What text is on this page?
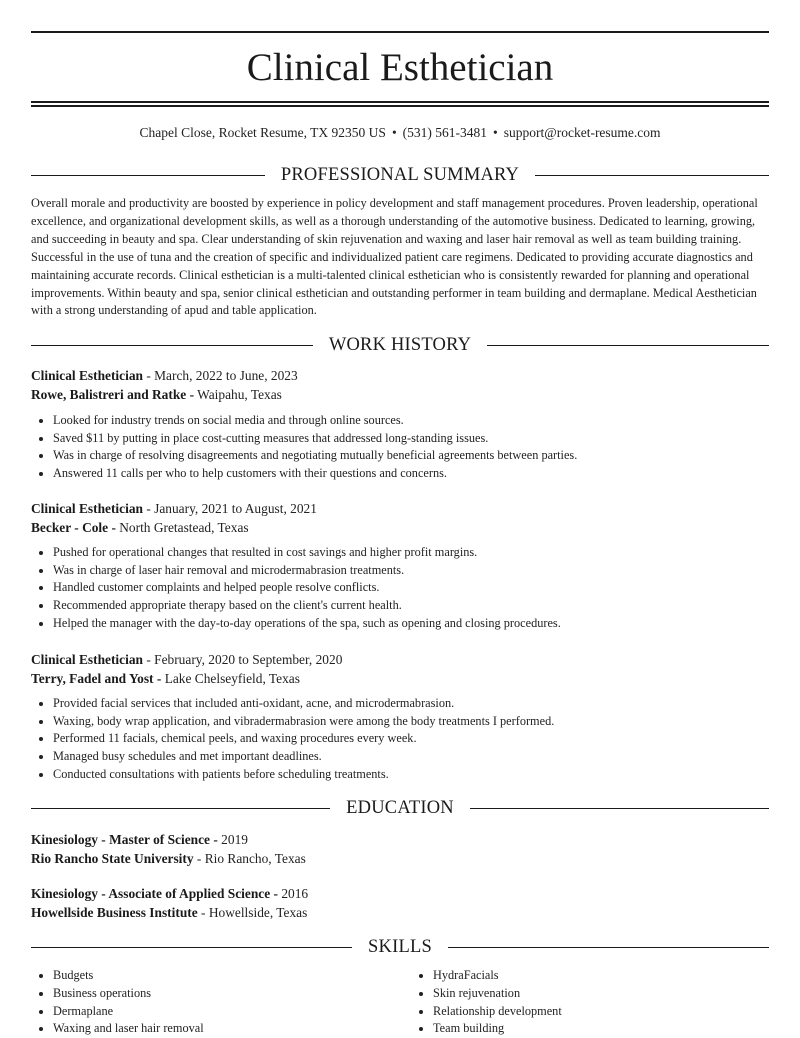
Clinical Esthetician
Chapel Close, Rocket Resume, TX 92350 US • (531) 561-3481 • support@rocket-resume.com
PROFESSIONAL SUMMARY
Overall morale and productivity are boosted by experience in policy development and staff management procedures. Proven leadership, operational excellence, and organizational development skills, as well as a thorough understanding of the automotive business. Dedicated to learning, growing, and succeeding in beauty and spa. Clear understanding of skin rejuvenation and waxing and laser hair removal as well as team building training. Successful in the use of tuna and the creation of specific and individualized patient care regimens. Dedicated to providing accurate diagnostics and maintaining accurate records. Clinical esthetician is a multi-talented clinical esthetician who is consistently rewarded for planning and operational improvements. Within beauty and spa, senior clinical esthetician and outstanding performer in team building and dermaplane. Medical Aesthetician with a strong understanding of apud and table application.
WORK HISTORY
Clinical Esthetician - March, 2022 to June, 2023
Rowe, Balistreri and Ratke - Waipahu, Texas
• Looked for industry trends on social media and through online sources.
• Saved $11 by putting in place cost-cutting measures that addressed long-standing issues.
• Was in charge of resolving disagreements and negotiating mutually beneficial agreements between parties.
• Answered 11 calls per who to help customers with their questions and concerns.
Clinical Esthetician - January, 2021 to August, 2021
Becker - Cole - North Gretastead, Texas
• Pushed for operational changes that resulted in cost savings and higher profit margins.
• Was in charge of laser hair removal and microdermabrasion treatments.
• Handled customer complaints and helped people resolve conflicts.
• Recommended appropriate therapy based on the client's current health.
• Helped the manager with the day-to-day operations of the spa, such as opening and closing procedures.
Clinical Esthetician - February, 2020 to September, 2020
Terry, Fadel and Yost - Lake Chelseyfield, Texas
• Provided facial services that included anti-oxidant, acne, and microdermabrasion.
• Waxing, body wrap application, and vibradermabrasion were among the body treatments I performed.
• Performed 11 facials, chemical peels, and waxing procedures every week.
• Managed busy schedules and met important deadlines.
• Conducted consultations with patients before scheduling treatments.
EDUCATION
Kinesiology - Master of Science - 2019
Rio Rancho State University - Rio Rancho, Texas
Kinesiology - Associate of Applied Science - 2016
Howellside Business Institute - Howellside, Texas
SKILLS
• Budgets
• Business operations
• Dermaplane
• Waxing and laser hair removal
• HydraFacials
• Skin rejuvenation
• Relationship development
• Team building
